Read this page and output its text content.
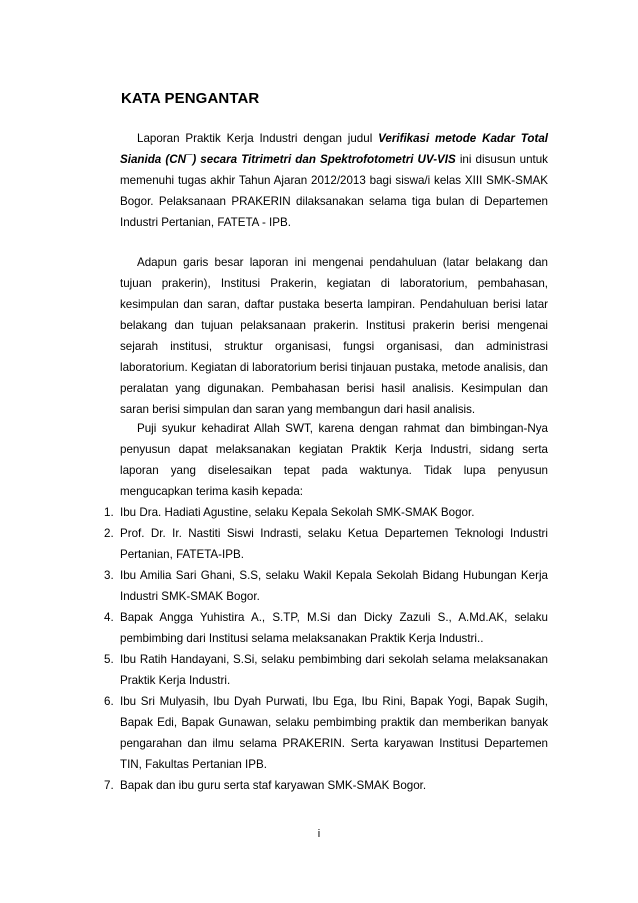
KATA PENGANTAR

Laporan Praktik Kerja Industri dengan judul Verifikasi metode Kadar Total Sianida (CN¯) secara Titrimetri dan Spektrofotometri UV-VIS ini disusun untuk memenuhi tugas akhir Tahun Ajaran 2012/2013 bagi siswa/i kelas XIII SMK-SMAK Bogor. Pelaksanaan PRAKERIN dilaksanakan selama tiga bulan di Departemen Industri Pertanian, FATETA - IPB.

Adapun garis besar laporan ini mengenai pendahuluan (latar belakang dan tujuan prakerin), Institusi Prakerin, kegiatan di laboratorium, pembahasan, kesimpulan dan saran, daftar pustaka beserta lampiran. Pendahuluan berisi latar belakang dan tujuan pelaksanaan prakerin. Institusi prakerin berisi mengenai sejarah institusi, struktur organisasi, fungsi organisasi, dan administrasi laboratorium. Kegiatan di laboratorium berisi tinjauan pustaka, metode analisis, dan peralatan yang digunakan. Pembahasan berisi hasil analisis. Kesimpulan dan saran berisi simpulan dan saran yang membangun dari hasil analisis.

Puji syukur kehadirat Allah SWT, karena dengan rahmat dan bimbingan-Nya penyusun dapat melaksanakan kegiatan Praktik Kerja Industri, sidang serta laporan yang diselesaikan tepat pada waktunya. Tidak lupa penyusun mengucapkan terima kasih kepada:

1. Ibu Dra. Hadiati Agustine, selaku Kepala Sekolah SMK-SMAK Bogor.
2. Prof. Dr. Ir. Nastiti Siswi Indrasti, selaku Ketua Departemen Teknologi Industri Pertanian, FATETA-IPB.
3. Ibu Amilia Sari Ghani, S.S, selaku Wakil Kepala Sekolah Bidang Hubungan Kerja Industri SMK-SMAK Bogor.
4. Bapak Angga Yuhistira A., S.TP, M.Si dan Dicky Zazuli S., A.Md.AK, selaku pembimbing dari Institusi selama melaksanakan Praktik Kerja Industri..
5. Ibu Ratih Handayani, S.Si, selaku pembimbing dari sekolah selama melaksanakan Praktik Kerja Industri.
6. Ibu Sri Mulyasih, Ibu Dyah Purwati, Ibu Ega, Ibu Rini, Bapak Yogi, Bapak Sugih, Bapak Edi, Bapak Gunawan, selaku pembimbing praktik dan memberikan banyak pengarahan dan ilmu selama PRAKERIN. Serta karyawan Institusi Departemen TIN, Fakultas Pertanian IPB.
7. Bapak dan ibu guru serta staf karyawan SMK-SMAK Bogor.
i
